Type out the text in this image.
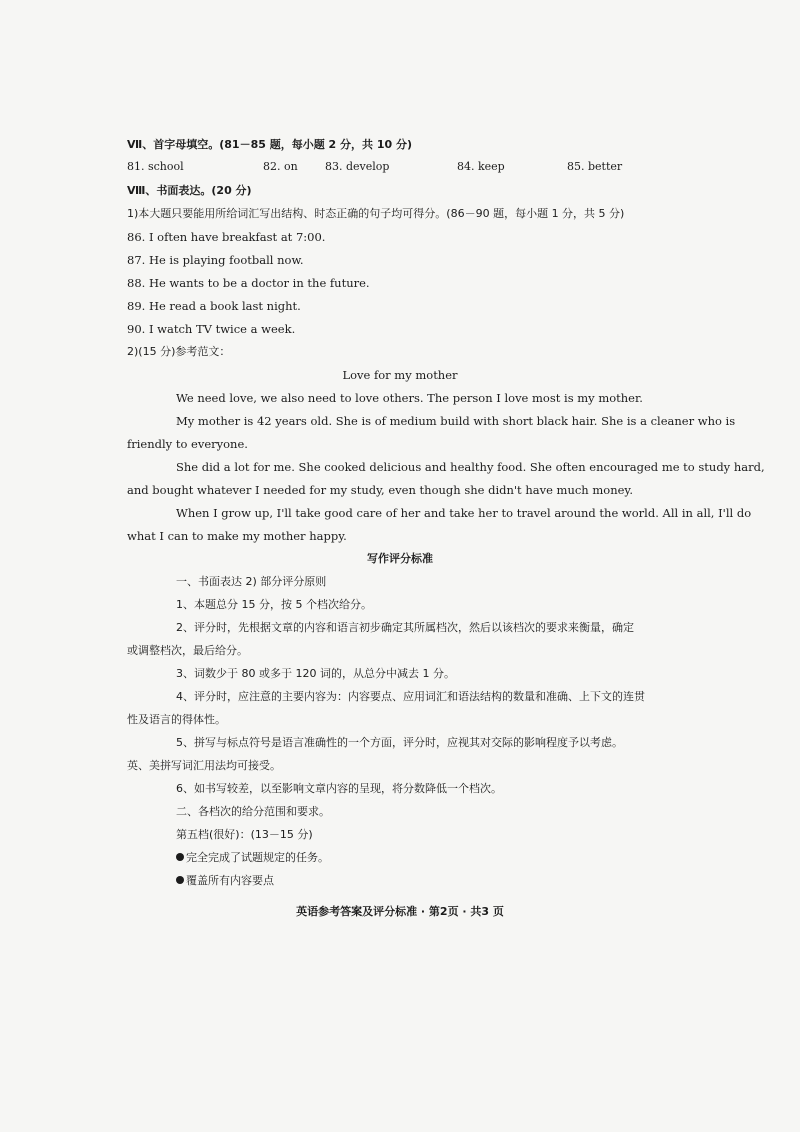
Ⅶ、首字母填空。(81－85 题，每小题 2 分，共 10 分)
81. school	82. on 83. develop	84. keep	85. better
Ⅷ、书面表达。(20 分)
1)本大题只要能用所给词汇写出结构、时态正确的句子均可得分。(86－90 题，每小题 1 分，共 5 分)
86. I often have breakfast at 7:00.
87. He is playing football now.
88. He wants to be a doctor in the future.
89. He read a book last night.
90. I watch TV twice a week.
2)(15 分)参考范文：
Love for my mother
We need love, we also need to love others. The person I love most is my mother.
My mother is 42 years old. She is of medium build with short black hair. She is a cleaner who is
friendly to everyone.
She did a lot for me. She cooked delicious and healthy food. She often encouraged me to study hard,
and bought whatever I needed for my study, even though she didn't have much money.
When I grow up, I'll take good care of her and take her to travel around the world. All in all, I'll do
what I can to make my mother happy.
写作评分标准
一、书面表达 2) 部分评分原则
1、本题总分 15 分，按 5 个档次给分。
2、评分时，先根据文章的内容和语言初步确定其所属档次，然后以该档次的要求来衡量，确定
或调整档次，最后给分。
3、词数少于 80 或多于 120 词的，从总分中减去 1 分。
4、评分时，应注意的主要内容为：内容要点、应用词汇和语法结构的数量和准确、上下文的连贯
性及语言的得体性。
5、拼写与标点符号是语言准确性的一个方面，评分时，应视其对交际的影响程度予以考虑。
英、美拼写词汇用法均可接受。
6、如书写较差，以至影响文章内容的呈现，将分数降低一个档次。
二、各档次的给分范围和要求。
第五档(很好)：(13－15 分)
完全完成了试题规定的任务。
覆盖所有内容要点
英语参考答案及评分标准 · 第2页 · 共3 页
